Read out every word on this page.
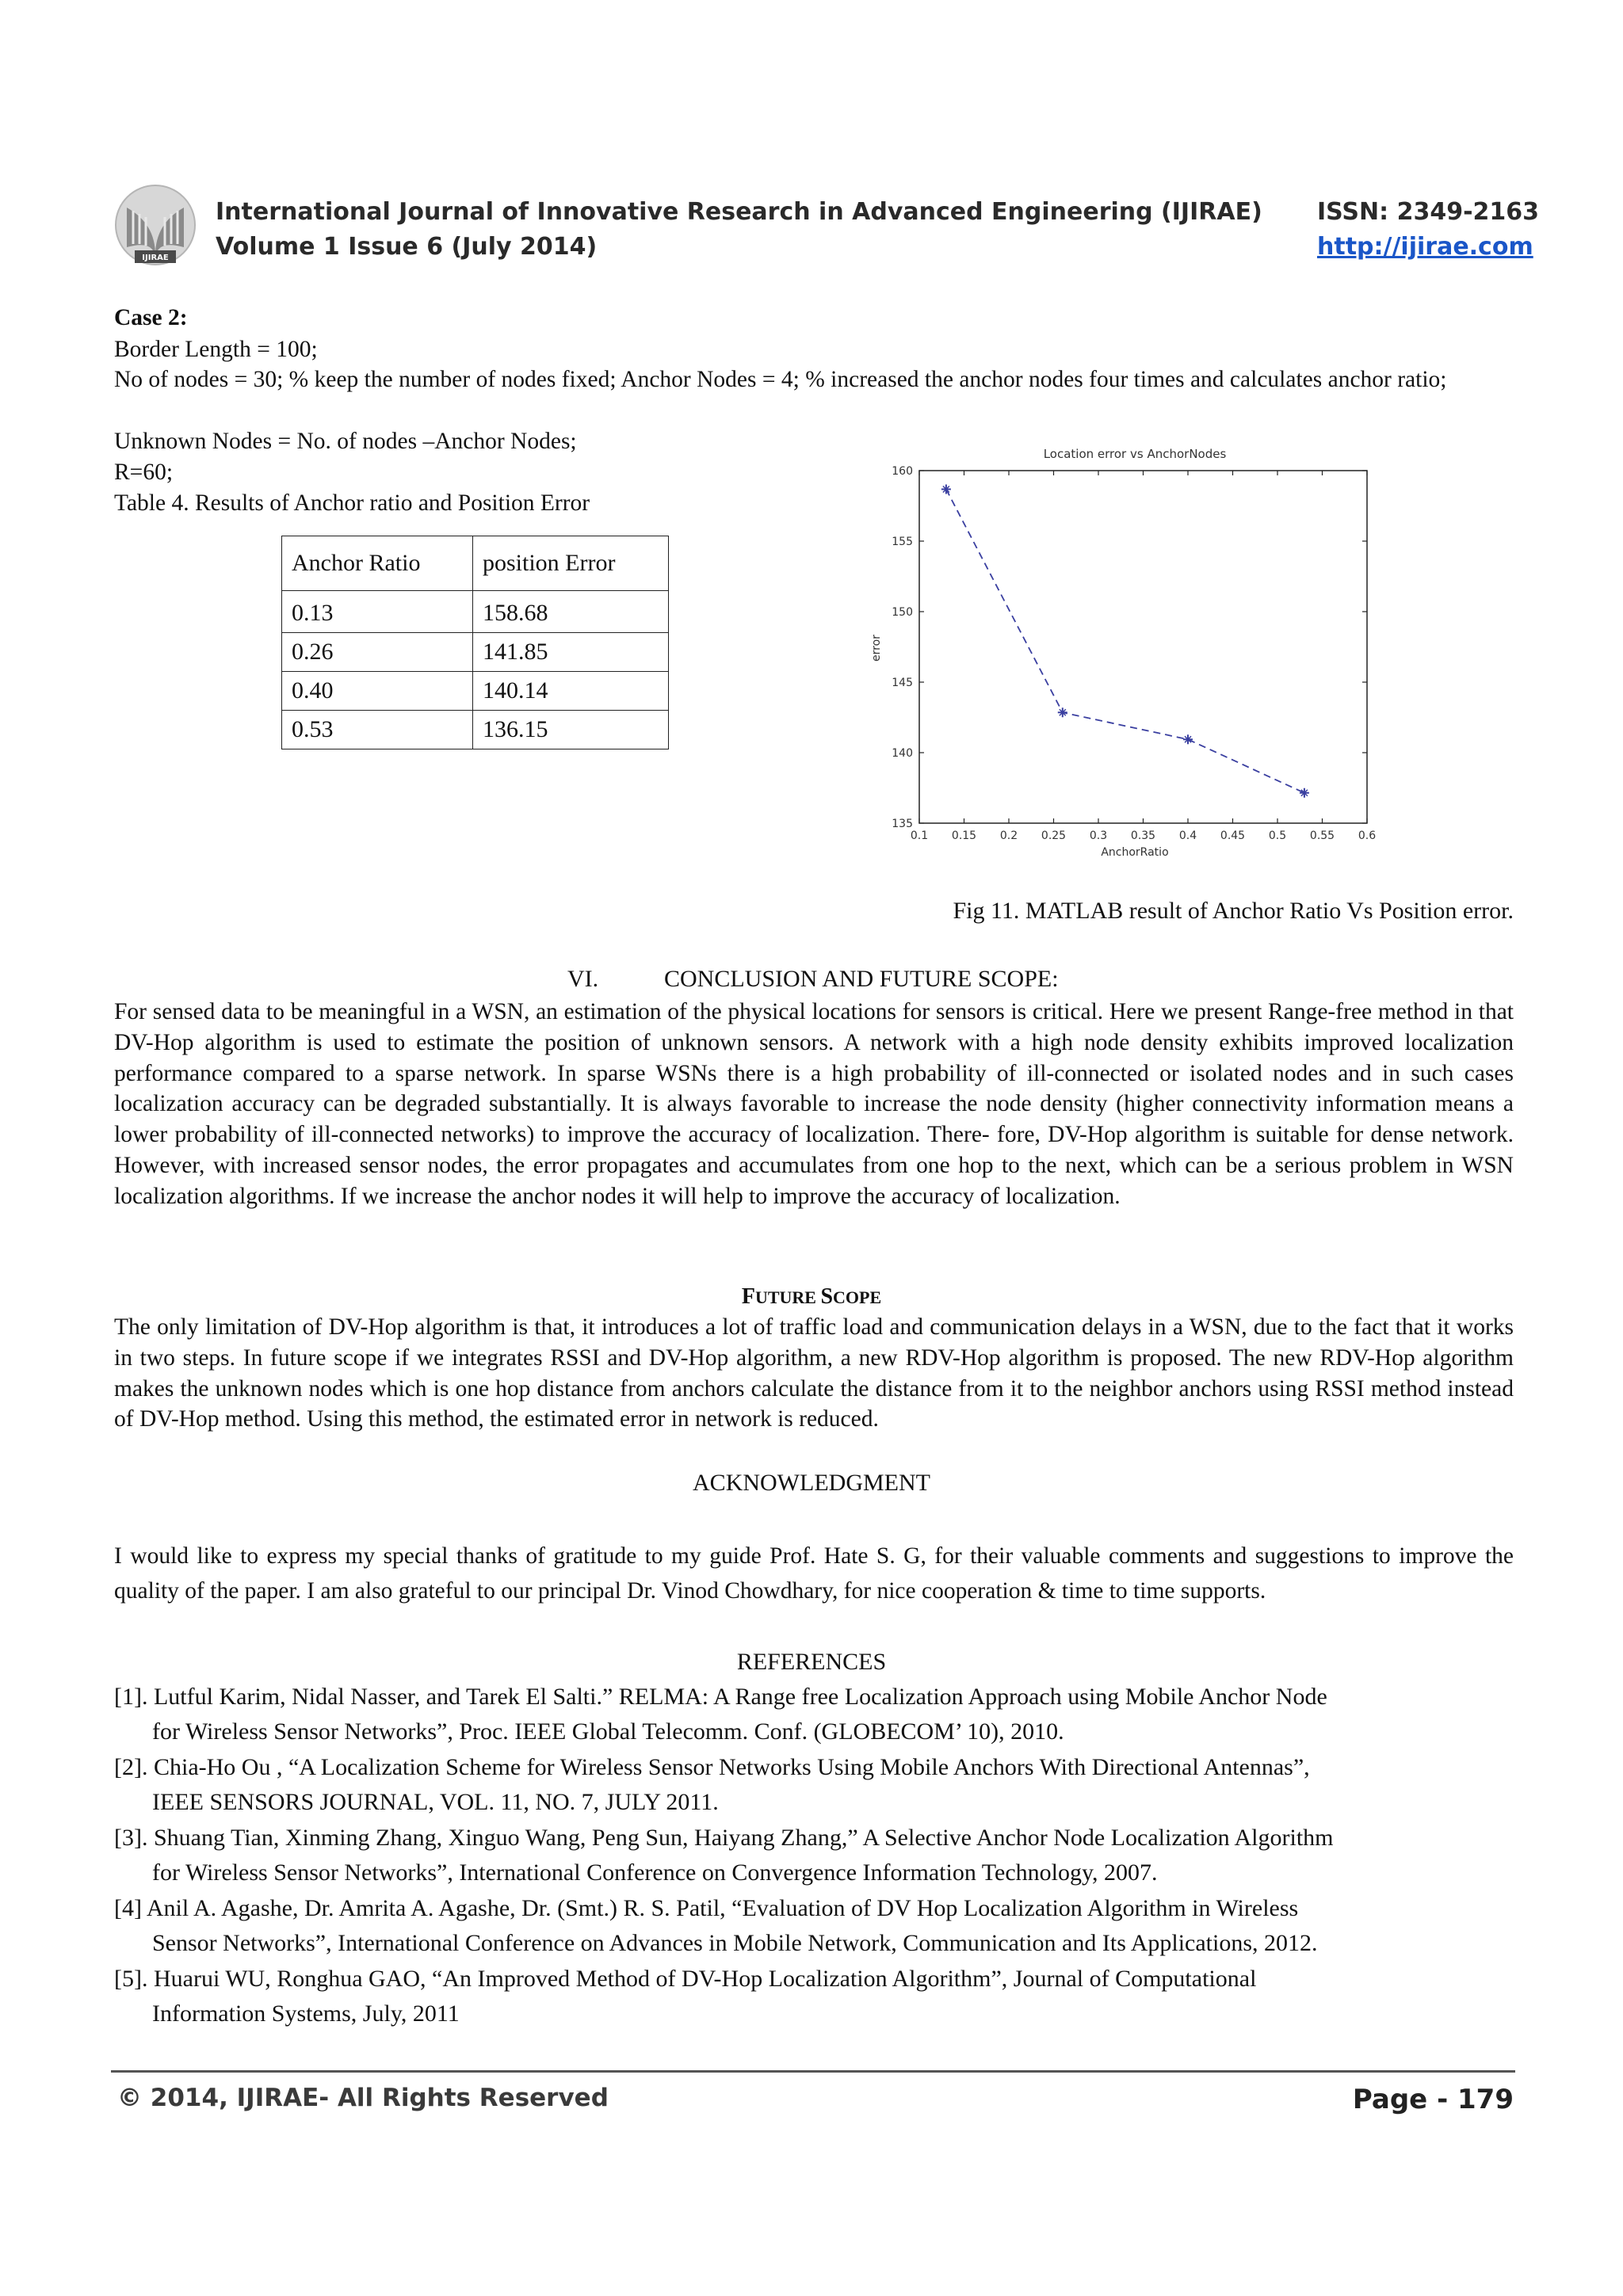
IJIRAE
International Journal of Innovative Research in Advanced Engineering (IJIRAE)
Volume 1 Issue 6 (July 2014)
ISSN: 2349-2163
http://ijirae.com
Case 2:
Border Length = 100;
No of nodes = 30; % keep the number of nodes fixed; Anchor Nodes = 4; % increased the anchor nodes four times and calculates anchor ratio;
Unknown Nodes = No. of nodes –Anchor Nodes;
R=60;
Table 4. Results of Anchor ratio and Position Error
Anchor Ratio	position Error
0.13	158.68
0.26	141.85
0.40	140.14
0.53	136.15
Location error vs AnchorNodes
135
140
145
150
155
160
0.1 0.15 0.2 0.25 0.3 0.35 0.4 0.45 0.5 0.55 0.6
error
AnchorRatio
Fig 11. MATLAB result of Anchor Ratio Vs Position error.
VI.	CONCLUSION AND FUTURE SCOPE:
For sensed data to be meaningful in a WSN, an estimation of the physical locations for sensors is critical. Here we present Range-free method in that DV-Hop algorithm is used to estimate the position of unknown sensors. A network with a high node density exhibits improved localization performance compared to a sparse network. In sparse WSNs there is a high probability of ill-connected or isolated nodes and in such cases localization accuracy can be degraded substantially. It is always favorable to increase the node density (higher connectivity information means a lower probability of ill-connected networks) to improve the accuracy of localization. There- fore, DV-Hop algorithm is suitable for dense network. However, with increased sensor nodes, the error propagates and accumulates from one hop to the next, which can be a serious problem in WSN localization algorithms. If we increase the anchor nodes it will help to improve the accuracy of localization.
FUTURE SCOPE
The only limitation of DV-Hop algorithm is that, it introduces a lot of traffic load and communication delays in a WSN, due to the fact that it works in two steps. In future scope if we integrates RSSI and DV-Hop algorithm, a new RDV-Hop algorithm is proposed. The new RDV-Hop algorithm makes the unknown nodes which is one hop distance from anchors calculate the distance from it to the neighbor anchors using RSSI method instead of DV-Hop method. Using this method, the estimated error in network is reduced.
ACKNOWLEDGMENT
I would like to express my special thanks of gratitude to my guide Prof. Hate S. G, for their valuable comments and suggestions to improve the quality of the paper. I am also grateful to our principal Dr. Vinod Chowdhary, for nice cooperation & time to time supports.
REFERENCES
[1]. Lutful Karim, Nidal Nasser, and Tarek El Salti.” RELMA: A Range free Localization Approach using Mobile Anchor Node
for Wireless Sensor Networks”, Proc. IEEE Global Telecomm. Conf. (GLOBECOM’ 10), 2010.
[2]. Chia-Ho Ou , “A Localization Scheme for Wireless Sensor Networks Using Mobile Anchors With Directional Antennas”,
IEEE SENSORS JOURNAL, VOL. 11, NO. 7, JULY 2011.
[3]. Shuang Tian, Xinming Zhang, Xinguo Wang, Peng Sun, Haiyang Zhang,” A Selective Anchor Node Localization Algorithm
for Wireless Sensor Networks”, International Conference on Convergence Information Technology, 2007.
[4] Anil A. Agashe, Dr. Amrita A. Agashe, Dr. (Smt.) R. S. Patil, “Evaluation of DV Hop Localization Algorithm in Wireless
Sensor Networks”, International Conference on Advances in Mobile Network, Communication and Its Applications, 2012.
[5]. Huarui WU, Ronghua GAO, “An Improved Method of DV-Hop Localization Algorithm”, Journal of Computational
Information Systems, July, 2011
© 2014, IJIRAE- All Rights Reserved	Page - 179
